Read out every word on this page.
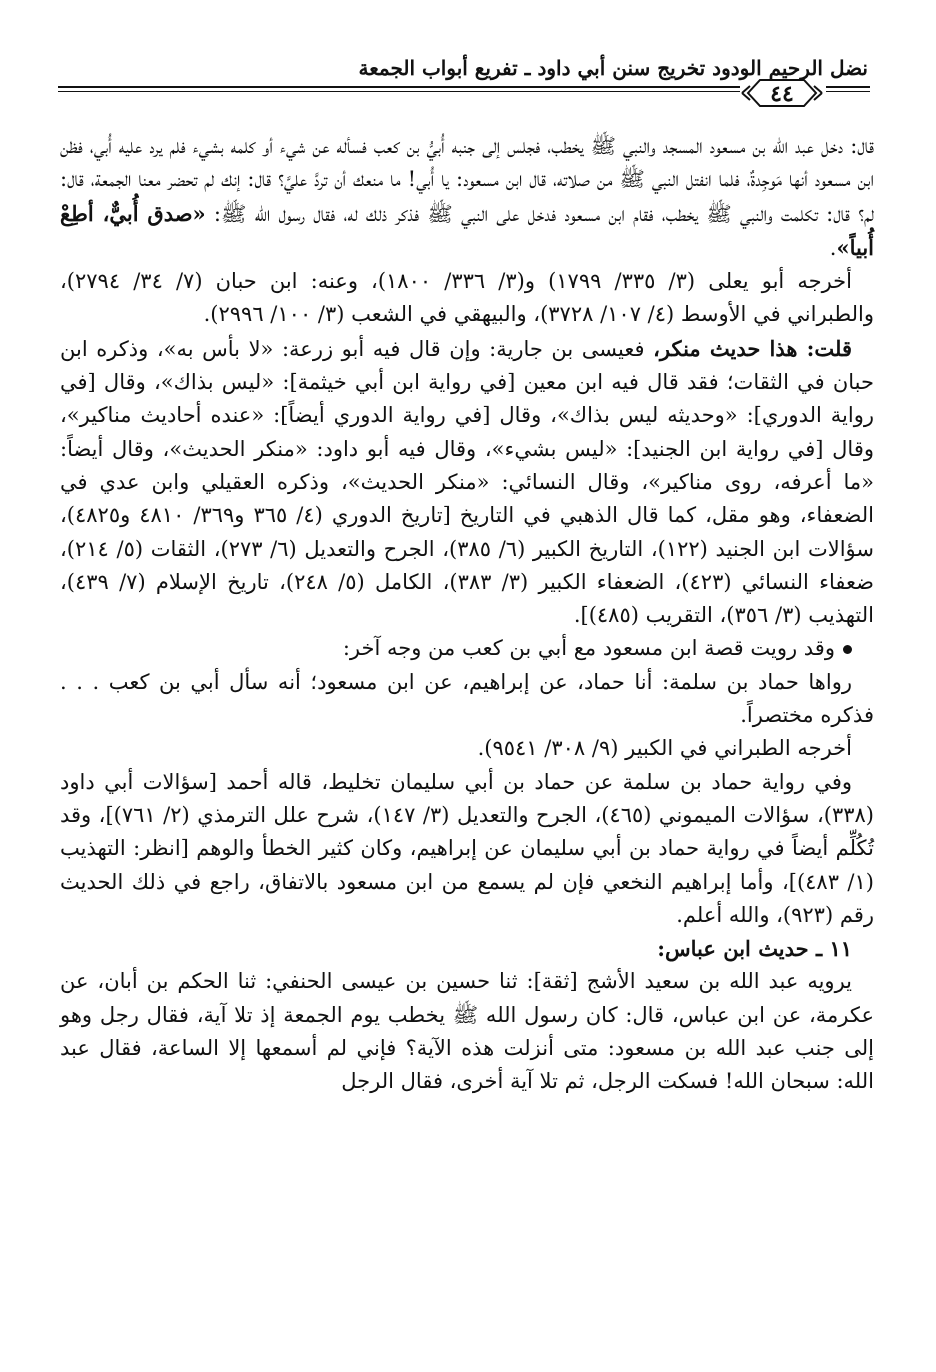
نضل الرحيم الودود تخريج سنن أبي داود ـ تفريع أبواب الجمعة
٤٤

قال: دخل عبد الله بن مسعود المسجد والنبي ﷺ يخطب، فجلس إلى جنبه أُبيُّ بن كعب فسأله عن شيء أو كلمه بشيء فلم يرد عليه أُبي، فظن ابن مسعود أنها مَوجِدةٌ، فلما انفتل النبي ﷺ من صلاته، قال ابن مسعود: يا أُبي! ما منعك أن تردَّ عليَّ؟ قال: إنك لم تحضر معنا الجمعة، قال: لم؟ قال: تكلمت والنبي ﷺ يخطب، فقام ابن مسعود فدخل على النبي ﷺ فذكر ذلك له، فقال رسول الله ﷺ: «صدق أُبيٌّ، أطِعْ أُبياً».

أخرجه أبو يعلى (٣/ ٣٣٥/ ١٧٩٩) و(٣/ ٣٣٦/ ١٨٠٠)، وعنه: ابن حبان (٧/ ٣٤/ ٢٧٩٤)، والطبراني في الأوسط (٤/ ١٠٧/ ٣٧٢٨)، والبيهقي في الشعب (٣/ ١٠٠/ ٢٩٩٦).

قلت: هذا حديث منكر، فعيسى بن جارية: وإن قال فيه أبو زرعة: «لا بأس به»، وذكره ابن حبان في الثقات؛ فقد قال فيه ابن معين [في رواية ابن أبي خيثمة]: «ليس بذاك»، وقال [في رواية الدوري]: «وحديثه ليس بذاك»، وقال [في رواية الدوري أيضاً]: «عنده أحاديث مناكير»، وقال [في رواية ابن الجنيد]: «ليس بشيء»، وقال فيه أبو داود: «منكر الحديث»، وقال أيضاً: «ما أعرفه، روى مناكير»، وقال النسائي: «منكر الحديث»، وذكره العقيلي وابن عدي في الضعفاء، وهو مقل، كما قال الذهبي في التاريخ [تاريخ الدوري (٤/ ٣٦٥ و٣٦٩/ ٤٨١٠ و٤٨٢٥)، سؤالات ابن الجنيد (١٢٢)، التاريخ الكبير (٦/ ٣٨٥)، الجرح والتعديل (٦/ ٢٧٣)، الثقات (٥/ ٢١٤)، ضعفاء النسائي (٤٢٣)، الضعفاء الكبير (٣/ ٣٨٣)، الكامل (٥/ ٢٤٨)، تاريخ الإسلام (٧/ ٤٣٩)، التهذيب (٣/ ٣٥٦)، التقريب (٤٨٥)].

وقد رويت قصة ابن مسعود مع أبي بن كعب من وجه آخر:

رواها حماد بن سلمة: أنا حماد، عن إبراهيم، عن ابن مسعود؛ أنه سأل أبي بن كعب . . . فذكره مختصراً.

أخرجه الطبراني في الكبير (٩/ ٣٠٨/ ٩٥٤١).

وفي رواية حماد بن سلمة عن حماد بن أبي سليمان تخليط، قاله أحمد [سؤالات أبي داود (٣٣٨)، سؤالات الميموني (٤٦٥)، الجرح والتعديل (٣/ ١٤٧)، شرح علل الترمذي (٢/ ٧٦١)]، وقد تُكُلِّم أيضاً في رواية حماد بن أبي سليمان عن إبراهيم، وكان كثير الخطأ والوهم [انظر: التهذيب (١/ ٤٨٣)]، وأما إبراهيم النخعي فإن لم يسمع من ابن مسعود بالاتفاق، راجع في ذلك الحديث رقم (٩٢٣)، والله أعلم.

١١ ـ حديث ابن عباس:

يرويه عبد الله بن سعيد الأشج [ثقة]: ثنا حسين بن عيسى الحنفي: ثنا الحكم بن أبان، عن عكرمة، عن ابن عباس، قال: كان رسول الله ﷺ يخطب يوم الجمعة إذ تلا آية، فقال رجل وهو إلى جنب عبد الله بن مسعود: متى أنزلت هذه الآية؟ فإني لم أسمعها إلا الساعة، فقال عبد الله: سبحان الله! فسكت الرجل، ثم تلا آية أخرى، فقال الرجل
